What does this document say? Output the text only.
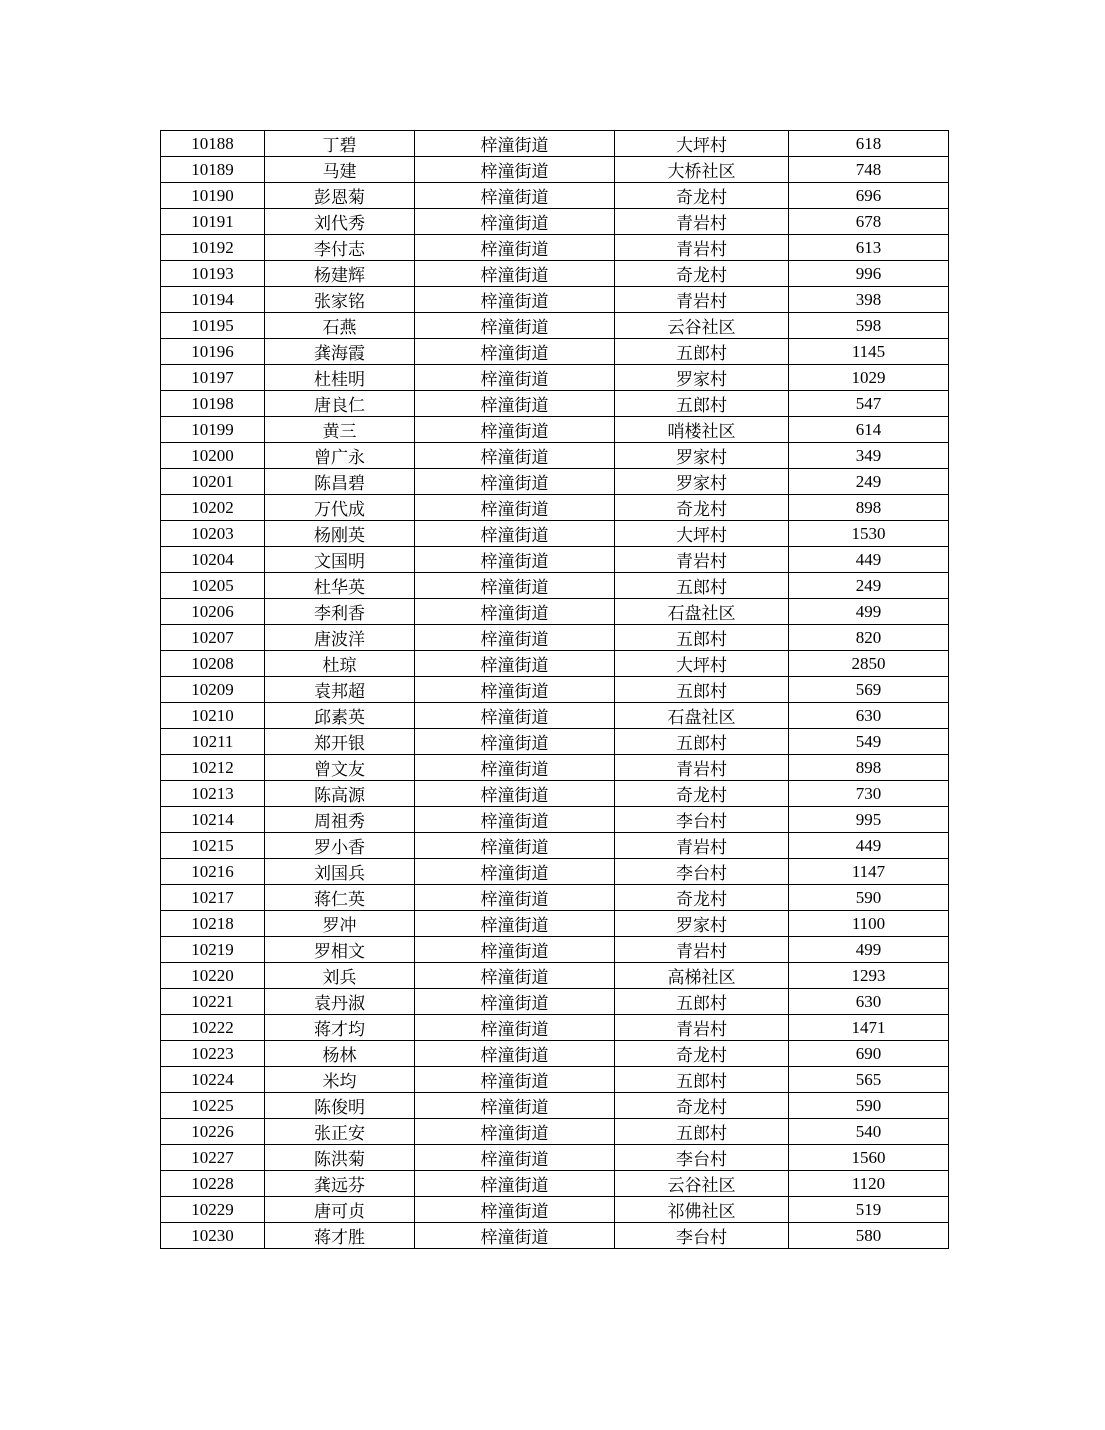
10188	丁碧	梓潼街道	大坪村	618
10189	马建	梓潼街道	大桥社区	748
10190	彭恩菊	梓潼街道	奇龙村	696
10191	刘代秀	梓潼街道	青岩村	678
10192	李付志	梓潼街道	青岩村	613
10193	杨建辉	梓潼街道	奇龙村	996
10194	张家铭	梓潼街道	青岩村	398
10195	石燕	梓潼街道	云谷社区	598
10196	龚海霞	梓潼街道	五郎村	1145
10197	杜桂明	梓潼街道	罗家村	1029
10198	唐良仁	梓潼街道	五郎村	547
10199	黄三	梓潼街道	哨楼社区	614
10200	曾广永	梓潼街道	罗家村	349
10201	陈昌碧	梓潼街道	罗家村	249
10202	万代成	梓潼街道	奇龙村	898
10203	杨刚英	梓潼街道	大坪村	1530
10204	文国明	梓潼街道	青岩村	449
10205	杜华英	梓潼街道	五郎村	249
10206	李利香	梓潼街道	石盘社区	499
10207	唐波洋	梓潼街道	五郎村	820
10208	杜琼	梓潼街道	大坪村	2850
10209	袁邦超	梓潼街道	五郎村	569
10210	邱素英	梓潼街道	石盘社区	630
10211	郑开银	梓潼街道	五郎村	549
10212	曾文友	梓潼街道	青岩村	898
10213	陈高源	梓潼街道	奇龙村	730
10214	周祖秀	梓潼街道	李台村	995
10215	罗小香	梓潼街道	青岩村	449
10216	刘国兵	梓潼街道	李台村	1147
10217	蒋仁英	梓潼街道	奇龙村	590
10218	罗冲	梓潼街道	罗家村	1100
10219	罗相文	梓潼街道	青岩村	499
10220	刘兵	梓潼街道	高梯社区	1293
10221	袁丹淑	梓潼街道	五郎村	630
10222	蒋才均	梓潼街道	青岩村	1471
10223	杨林	梓潼街道	奇龙村	690
10224	米均	梓潼街道	五郎村	565
10225	陈俊明	梓潼街道	奇龙村	590
10226	张正安	梓潼街道	五郎村	540
10227	陈洪菊	梓潼街道	李台村	1560
10228	龚远芬	梓潼街道	云谷社区	1120
10229	唐可贞	梓潼街道	祁佛社区	519
10230	蒋才胜	梓潼街道	李台村	580
